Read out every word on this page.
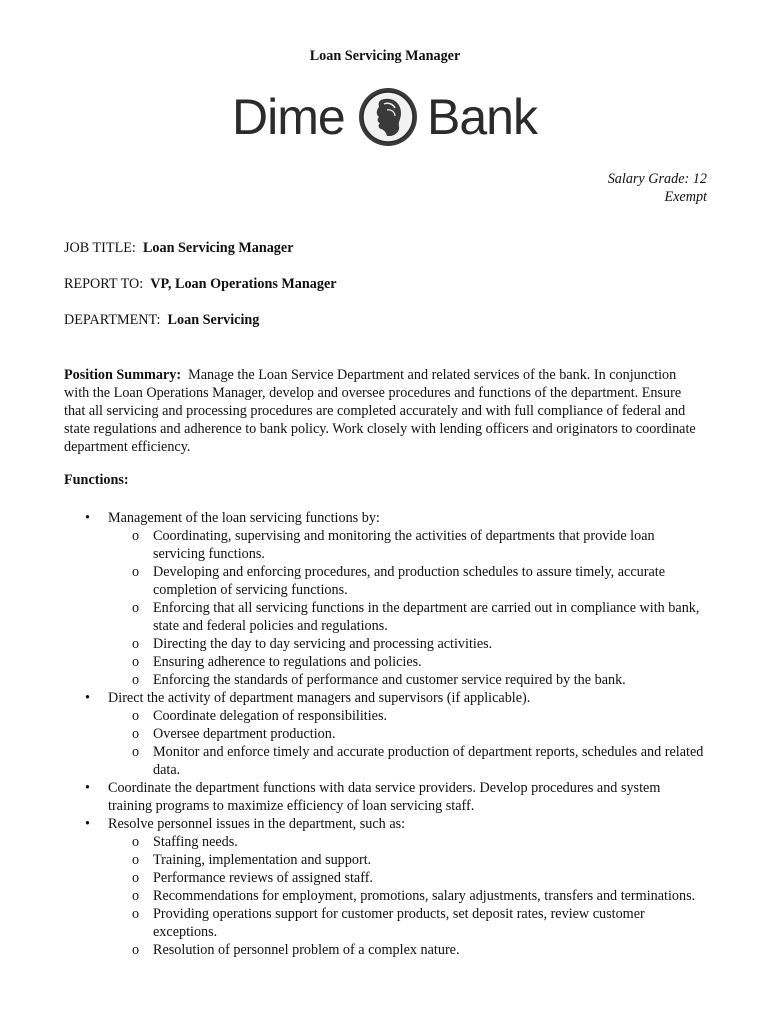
Loan Servicing Manager
Dime Bank
Salary Grade: 12
Exempt
JOB TITLE: Loan Servicing Manager
REPORT TO: VP, Loan Operations Manager
DEPARTMENT: Loan Servicing
Position Summary: Manage the Loan Service Department and related services of the bank. In conjunction with the Loan Operations Manager, develop and oversee procedures and functions of the department. Ensure that all servicing and processing procedures are completed accurately and with full compliance of federal and state regulations and adherence to bank policy. Work closely with lending officers and originators to coordinate department efficiency.
Functions:
• Management of the loan servicing functions by:
o Coordinating, supervising and monitoring the activities of departments that provide loan servicing functions.
o Developing and enforcing procedures, and production schedules to assure timely, accurate completion of servicing functions.
o Enforcing that all servicing functions in the department are carried out in compliance with bank, state and federal policies and regulations.
o Directing the day to day servicing and processing activities.
o Ensuring adherence to regulations and policies.
o Enforcing the standards of performance and customer service required by the bank.
• Direct the activity of department managers and supervisors (if applicable).
o Coordinate delegation of responsibilities.
o Oversee department production.
o Monitor and enforce timely and accurate production of department reports, schedules and related data.
• Coordinate the department functions with data service providers. Develop procedures and system training programs to maximize efficiency of loan servicing staff.
• Resolve personnel issues in the department, such as:
o Staffing needs.
o Training, implementation and support.
o Performance reviews of assigned staff.
o Recommendations for employment, promotions, salary adjustments, transfers and terminations.
o Providing operations support for customer products, set deposit rates, review customer exceptions.
o Resolution of personnel problem of a complex nature.
